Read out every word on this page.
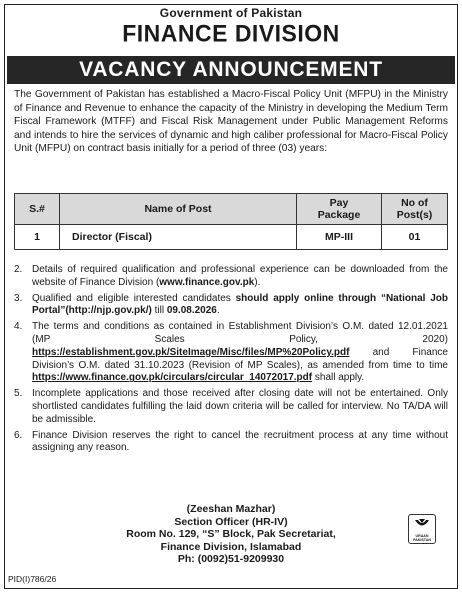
Government of Pakistan
FINANCE DIVISION
VACANCY ANNOUNCEMENT
The Government of Pakistan has established a Macro-Fiscal Policy Unit (MFPU) in the Ministry of Finance and Revenue to enhance the capacity of the Ministry in developing the Medium Term Fiscal Framework (MTFF) and Fiscal Risk Management under Public Management Reforms and intends to hire the services of dynamic and high caliber professional for Macro-Fiscal Policy Unit (MFPU) on contract basis initially for a period of three (03) years:
S.#	Name of Post	Pay Package	No of Post(s)
1	Director (Fiscal)	MP-III	01
2. Details of required qualification and professional experience can be downloaded from the website of Finance Division (www.finance.gov.pk).
3. Qualified and eligible interested candidates should apply online through “National Job Portal”(http://njp.gov.pk/) till 09.08.2026.
4. The terms and conditions as contained in Establishment Division’s O.M. dated 12.01.2021 (MP Scales Policy, 2020) https://establishment.gov.pk/SiteImage/Misc/files/MP%20Policy.pdf and Finance Division’s O.M. dated 31.10.2023 (Revision of MP Scales), as amended from time to time https://www.finance.gov.pk/circulars/circular_14072017.pdf shall apply.
5. Incomplete applications and those received after closing date will not be entertained. Only shortlisted candidates fulfilling the laid down criteria will be called for interview. No TA/DA will be admissible.
6. Finance Division reserves the right to cancel the recruitment process at any time without assigning any reason.
(Zeeshan Mazhar)
Section Officer (HR-IV)
Room No. 129, “S” Block, Pak Secretariat,
Finance Division, Islamabad
Ph: (0092)51-9209930
URAAN PAKISTAN
PID(I)786/26
